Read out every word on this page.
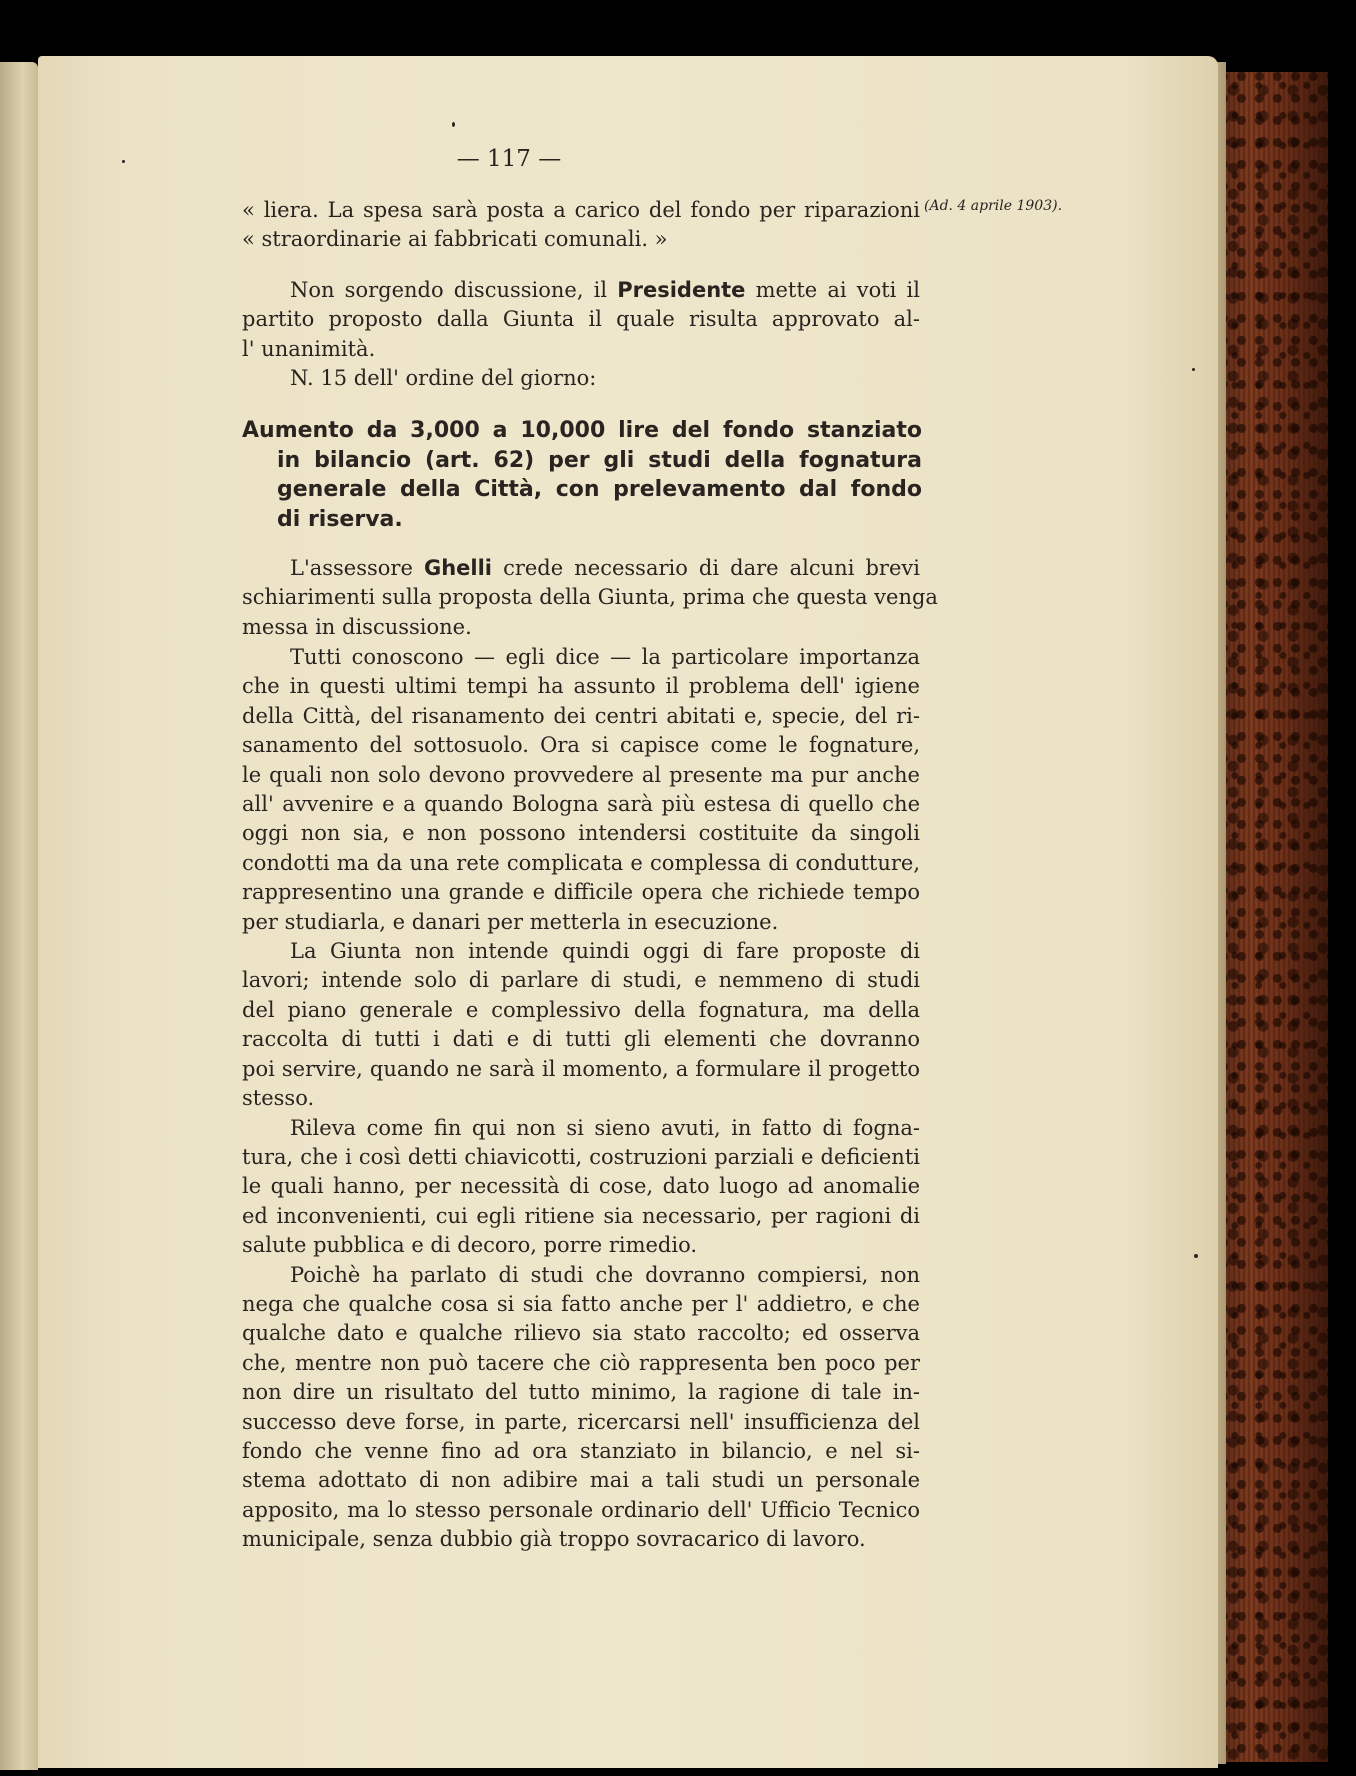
— 117 —
(Ad. 4 aprile 1903).
« liera. La spesa sarà posta a carico del fondo per riparazioni
« straordinarie ai fabbricati comunali. »
Non sorgendo discussione, il Presidente mette ai voti il
partito proposto dalla Giunta il quale risulta approvato al-
l' unanimità.
N. 15 dell' ordine del giorno:
Aumento da 3,000 a 10,000 lire del fondo stanziato
in bilancio (art. 62) per gli studi della fognatura
generale della Città, con prelevamento dal fondo
di riserva.
L'assessore Ghelli crede necessario di dare alcuni brevi
schiarimenti sulla proposta della Giunta, prima che questa venga
messa in discussione.
Tutti conoscono — egli dice — la particolare importanza
che in questi ultimi tempi ha assunto il problema dell' igiene
della Città, del risanamento dei centri abitati e, specie, del ri-
sanamento del sottosuolo. Ora si capisce come le fognature,
le quali non solo devono provvedere al presente ma pur anche
all' avvenire e a quando Bologna sarà più estesa di quello che
oggi non sia, e non possono intendersi costituite da singoli
condotti ma da una rete complicata e complessa di condutture,
rappresentino una grande e difficile opera che richiede tempo
per studiarla, e danari per metterla in esecuzione.
La Giunta non intende quindi oggi di fare proposte di
lavori; intende solo di parlare di studi, e nemmeno di studi
del piano generale e complessivo della fognatura, ma della
raccolta di tutti i dati e di tutti gli elementi che dovranno
poi servire, quando ne sarà il momento, a formulare il progetto
stesso.
Rileva come fin qui non si sieno avuti, in fatto di fogna-
tura, che i così detti chiavicotti, costruzioni parziali e deficienti
le quali hanno, per necessità di cose, dato luogo ad anomalie
ed inconvenienti, cui egli ritiene sia necessario, per ragioni di
salute pubblica e di decoro, porre rimedio.
Poichè ha parlato di studi che dovranno compiersi, non
nega che qualche cosa si sia fatto anche per l' addietro, e che
qualche dato e qualche rilievo sia stato raccolto; ed osserva
che, mentre non può tacere che ciò rappresenta ben poco per
non dire un risultato del tutto minimo, la ragione di tale in-
successo deve forse, in parte, ricercarsi nell' insufficienza del
fondo che venne fino ad ora stanziato in bilancio, e nel si-
stema adottato di non adibire mai a tali studi un personale
apposito, ma lo stesso personale ordinario dell' Ufficio Tecnico
municipale, senza dubbio già troppo sovracarico di lavoro.
